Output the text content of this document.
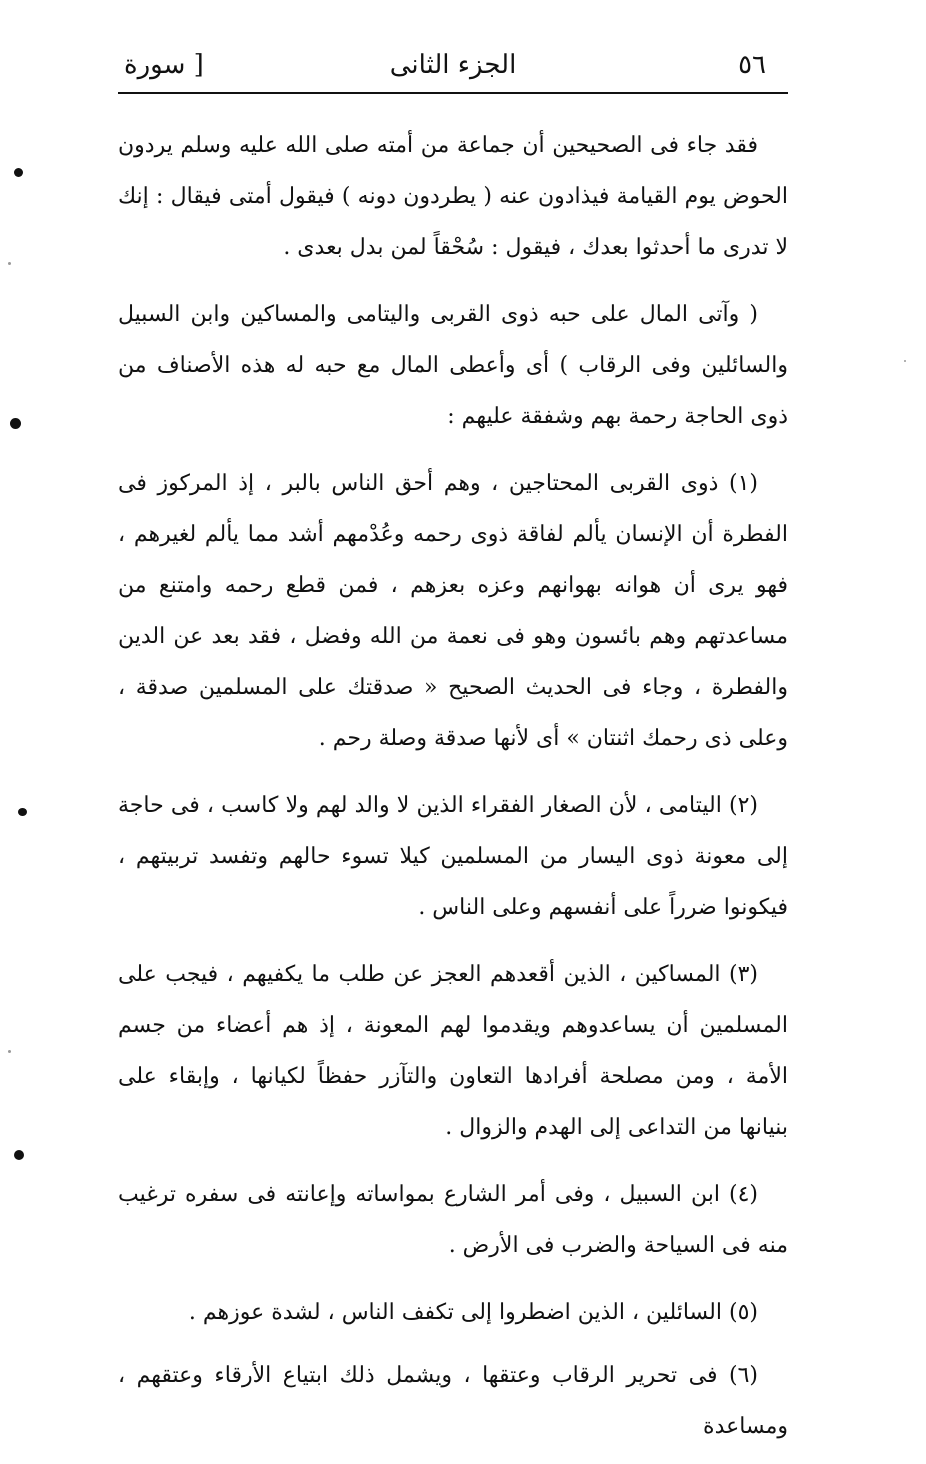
٥٦
الجزء الثانى
[ سورة

فقد جاء فى الصحيحين أن جماعة من أمته صلى الله عليه وسلم يردون الحوض يوم القيامة فيذادون عنه ( يطردون دونه ) فيقول أمتى فيقال : إنك لا تدرى ما أحدثوا بعدك ، فيقول : سُحْقاً لمن بدل بعدى .

( وآتى المال على حبه ذوى القربى واليتامى والمساكين وابن السبيل والسائلين وفى الرقاب ) أى وأعطى المال مع حبه له هذه الأصناف من ذوى الحاجة رحمة بهم وشفقة عليهم :

(١) ذوى القربى المحتاجين ، وهم أحق الناس بالبر ، إذ المركوز فى الفطرة أن الإنسان يألم لفاقة ذوى رحمه وعُدْمهم أشد مما يألم لغيرهم ، فهو يرى أن هوانه بهوانهم وعزه بعزهم ، فمن قطع رحمه وامتنع من مساعدتهم وهم بائسون وهو فى نعمة من الله وفضل ، فقد بعد عن الدين والفطرة ، وجاء فى الحديث الصحيح « صدقتك على المسلمين صدقة ، وعلى ذى رحمك اثنتان » أى لأنها صدقة وصلة رحم .

(٢) اليتامى ، لأن الصغار الفقراء الذين لا والد لهم ولا كاسب ، فى حاجة إلى معونة ذوى اليسار من المسلمين كيلا تسوء حالهم وتفسد تربيتهم ، فيكونوا ضرراً على أنفسهم وعلى الناس .

(٣) المساكين ، الذين أقعدهم العجز عن طلب ما يكفيهم ، فيجب على المسلمين أن يساعدوهم ويقدموا لهم المعونة ، إذ هم أعضاء من جسم الأمة ، ومن مصلحة أفرادها التعاون والتآزر حفظاً لكيانها ، وإبقاء على بنيانها من التداعى إلى الهدم والزوال .

(٤) ابن السبيل ، وفى أمر الشارع بمواساته وإعانته فى سفره ترغيب منه فى السياحة والضرب فى الأرض .

(٥) السائلين ، الذين اضطروا إلى تكفف الناس ، لشدة عوزهم .

(٦) فى تحرير الرقاب وعتقها ، ويشمل ذلك ابتياع الأرقاء وعتقهم ، ومساعدة
